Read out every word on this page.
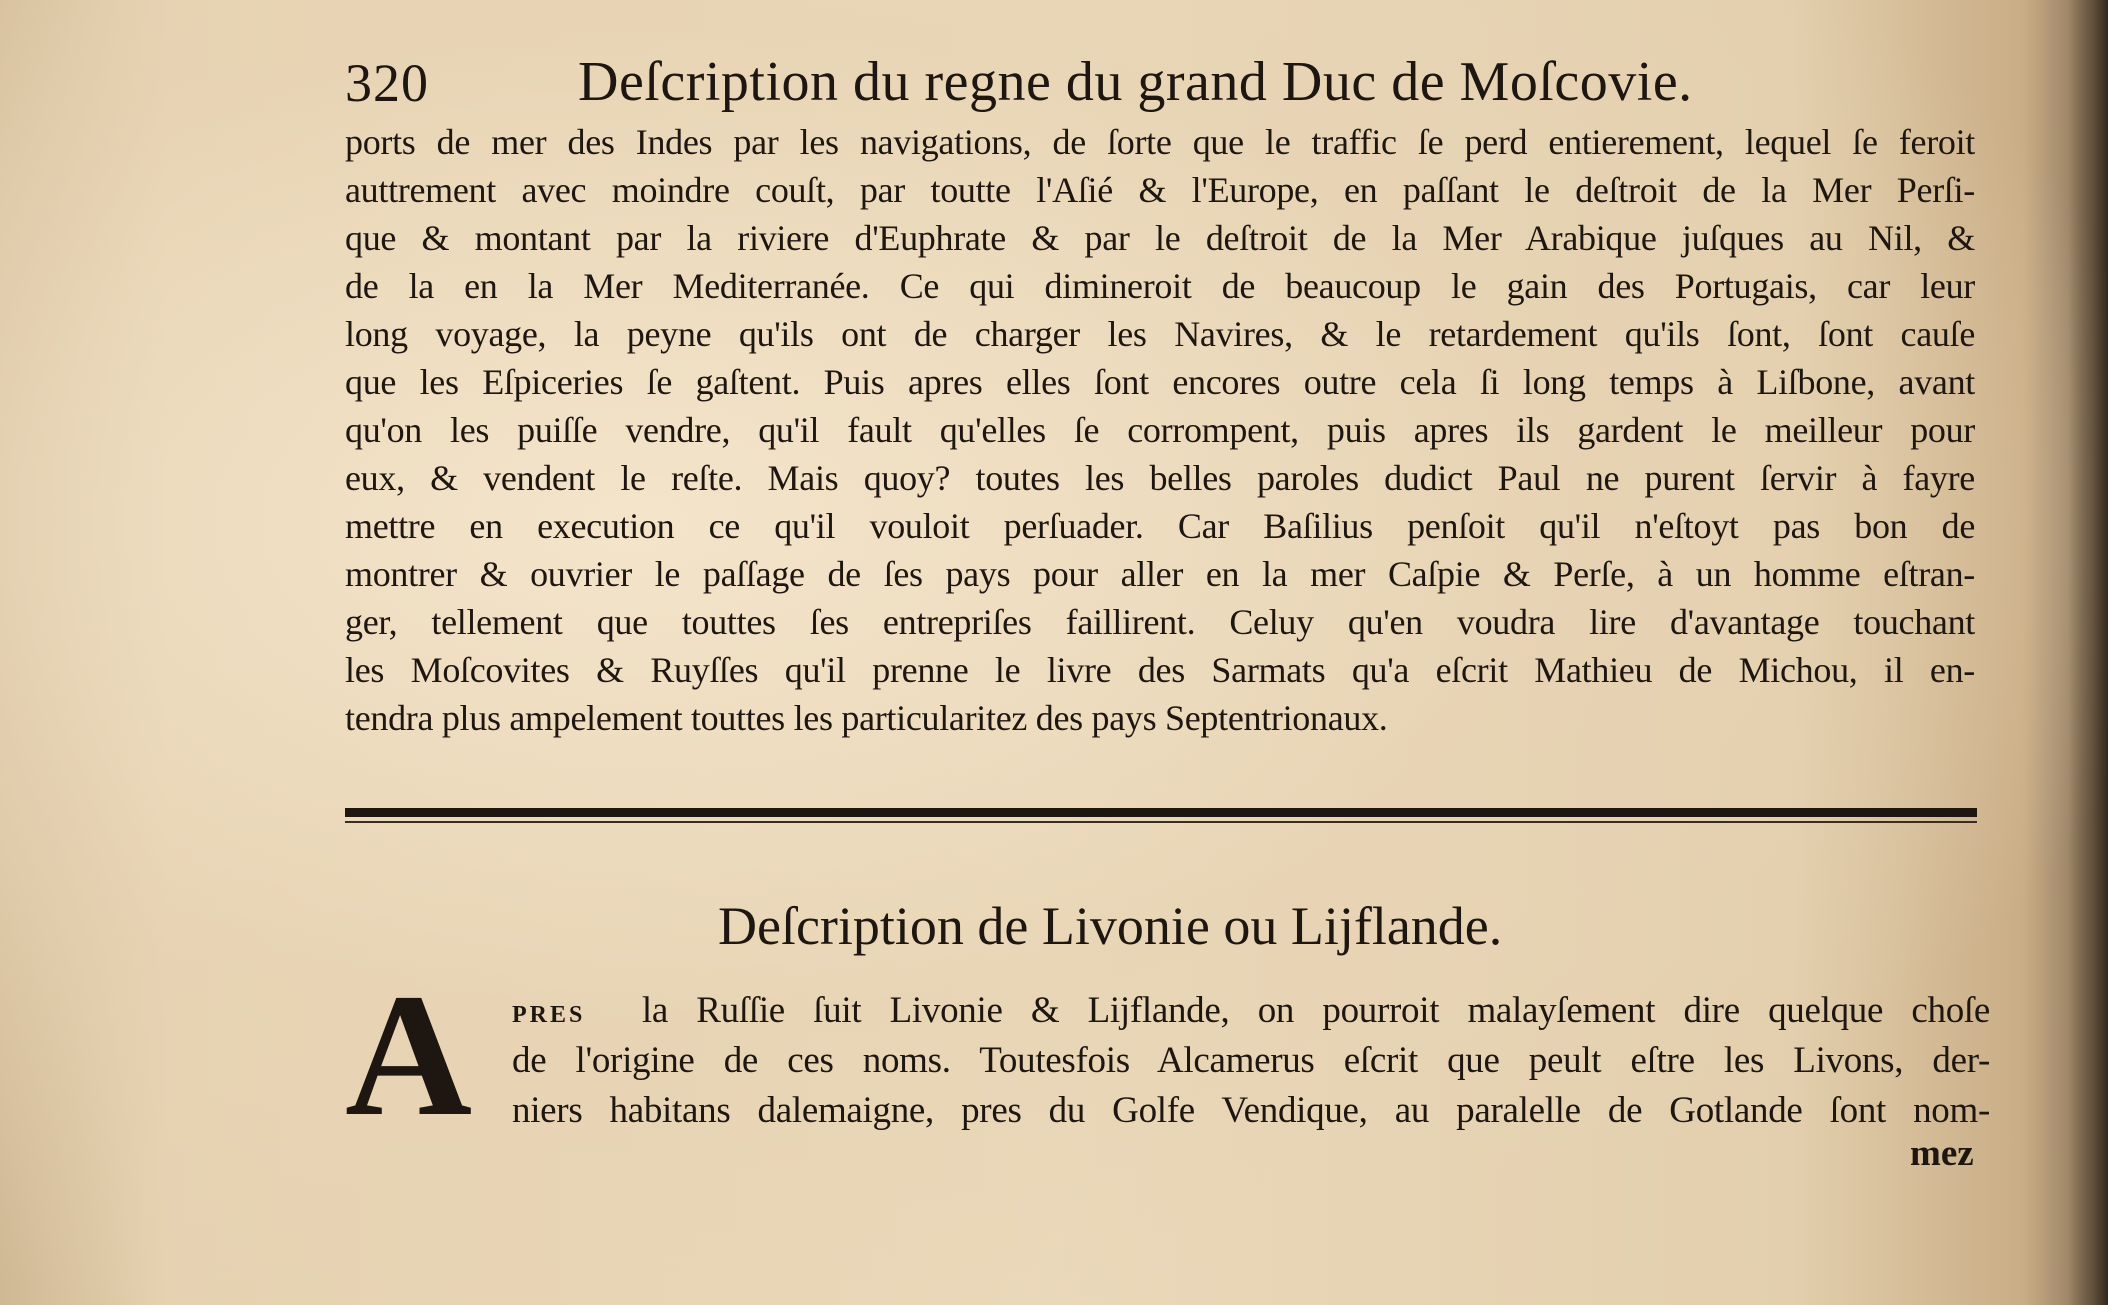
320	Deſcription du regne du grand Duc de Moſcovie.
ports de mer des Indes par les navigations, de ſorte que le traffic ſe perd entierement, lequel ſe feroit
auttrement avec moindre couſt, par toutte l'Aſié & l'Europe, en paſſant le deſtroit de la Mer Perſi-
que & montant par la riviere d'Euphrate & par le deſtroit de la Mer Arabique juſques au Nil, &
de la en la Mer Mediterranée. Ce qui dimineroit de beaucoup le gain des Portugais, car leur
long voyage, la peyne qu'ils ont de charger les Navires, & le retardement qu'ils ſont, ſont cauſe
que les Eſpiceries ſe gaſtent. Puis apres elles ſont encores outre cela ſi long temps à Liſbone, avant
qu'on les puiſſe vendre, qu'il fault qu'elles ſe corrompent, puis apres ils gardent le meilleur pour
eux, & vendent le reſte. Mais quoy? toutes les belles paroles dudict Paul ne purent ſervir à fayre
mettre en execution ce qu'il vouloit perſuader. Car Baſilius penſoit qu'il n'eſtoyt pas bon de
montrer & ouvrier le paſſage de ſes pays pour aller en la mer Caſpie & Perſe, à un homme eſtran-
ger, tellement que touttes ſes entrepriſes faillirent. Celuy qu'en voudra lire d'avantage touchant
les Moſcovites & Ruyſſes qu'il prenne le livre des Sarmats qu'a eſcrit Mathieu de Michou, il en-
tendra plus ampelement touttes les particularitez des pays Septentrionaux.
Deſcription de Livonie ou Lijflande.
A PRES la Ruſſie ſuit Livonie & Lijflande, on pourroit malayſement dire quelque choſe
de l'origine de ces noms. Toutesfois Alcamerus eſcrit que peult eſtre les Livons, der-
niers habitans dalemaigne, pres du Golfe Vendique, au paralelle de Gotlande ſont nom-
mez
